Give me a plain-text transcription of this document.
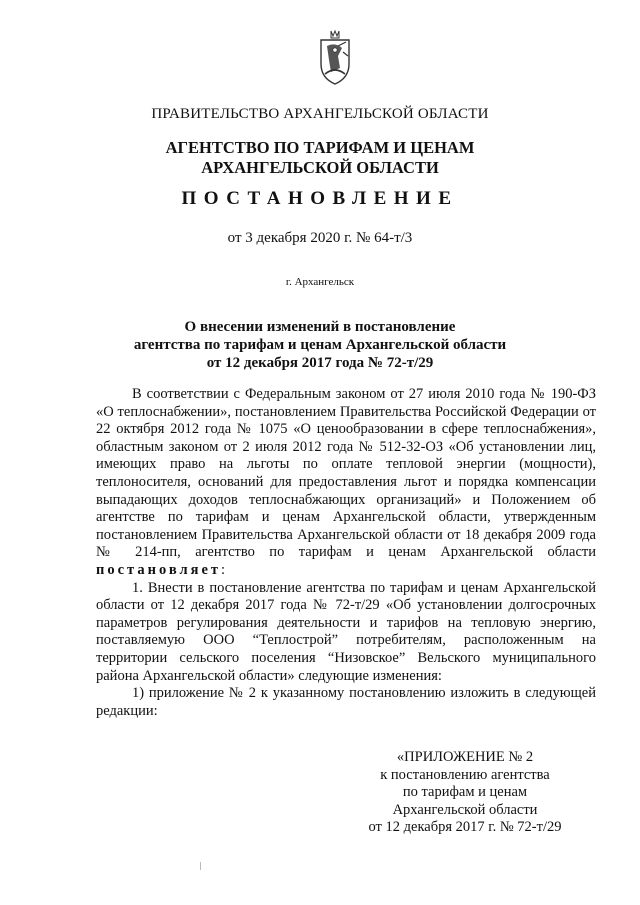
ПРАВИТЕЛЬСТВО АРХАНГЕЛЬСКОЙ ОБЛАСТИ
АГЕНТСТВО ПО ТАРИФАМ И ЦЕНАМ
АРХАНГЕЛЬСКОЙ ОБЛАСТИ
ПОСТАНОВЛЕНИЕ
от 3 декабря 2020 г. № 64-т/3
г. Архангельск
О внесении изменений в постановление
агентства по тарифам и ценам Архангельской области
от 12 декабря 2017 года № 72-т/29

В соответствии с Федеральным законом от 27 июля 2010 года № 190-ФЗ «О теплоснабжении», постановлением Правительства Российской Федерации от 22 октября 2012 года № 1075 «О ценообразовании в сфере теплоснабжения», областным законом от 2 июля 2012 года № 512-32-ОЗ «Об установлении лиц, имеющих право на льготы по оплате тепловой энергии (мощности), теплоносителя, оснований для предоставления льгот и порядка компенсации выпадающих доходов теплоснабжающих организаций» и Положением об агентстве по тарифам и ценам Архангельской области, утвержденным постановлением Правительства Архангельской области от 18 декабря 2009 года № 214-пп, агентство по тарифам и ценам Архангельской области постановляет:

1. Внести в постановление агентства по тарифам и ценам Архангельской области от 12 декабря 2017 года № 72-т/29 «Об установлении долгосрочных параметров регулирования деятельности и тарифов на тепловую энергию, поставляемую ООО “Теплострой” потребителям, расположенным на территории сельского поселения “Низовское” Вельского муниципального района Архангельской области» следующие изменения:

1) приложение № 2 к указанному постановлению изложить в следующей редакции:

«ПРИЛОЖЕНИЕ № 2
к постановлению агентства
по тарифам и ценам
Архангельской области
от 12 декабря 2017 г. № 72-т/29
